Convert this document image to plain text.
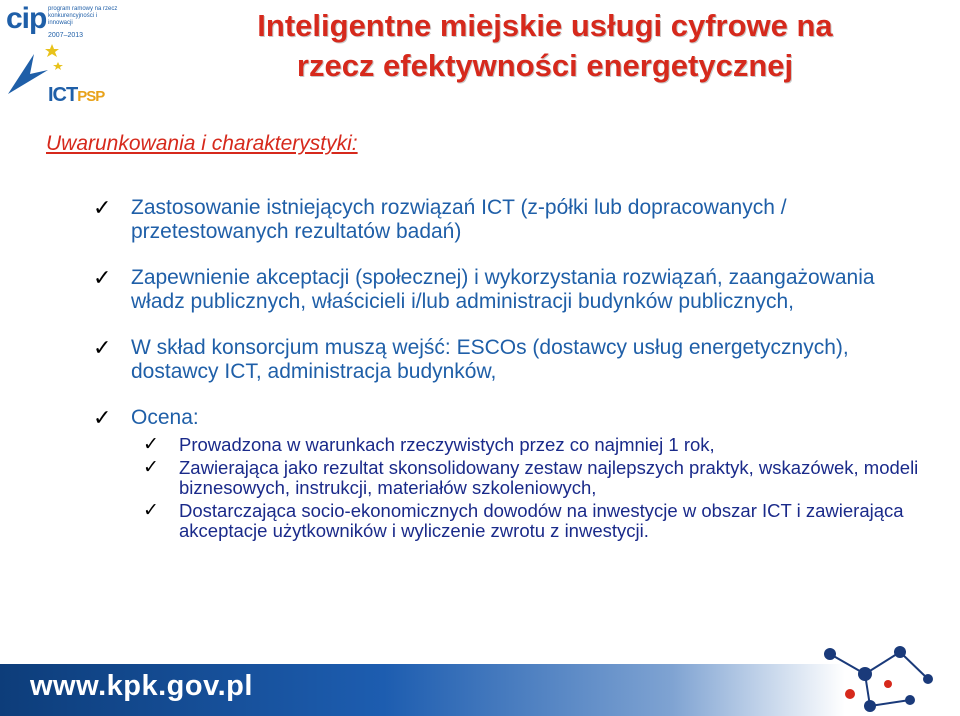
cip program ramowy na rzecz konkurencyjności i innowacji
2007–2013
ICTPSP
Inteligentne miejskie usługi cyfrowe na
rzecz efektywności energetycznej
Uwarunkowania i charakterystyki:
✓ Zastosowanie istniejących rozwiązań ICT (z-półki lub dopracowanych / przetestowanych rezultatów badań)
✓ Zapewnienie akceptacji (społecznej) i wykorzystania rozwiązań, zaangażowania władz publicznych, właścicieli i/lub administracji budynków publicznych,
✓ W skład konsorcjum muszą wejść: ESCOs (dostawcy usług energetycznych), dostawcy ICT, administracja budynków,
✓ Ocena:
✓ Prowadzona w warunkach rzeczywistych przez co najmniej 1 rok,
✓ Zawierająca jako rezultat skonsolidowany zestaw najlepszych praktyk, wskazówek, modeli biznesowych, instrukcji, materiałów szkoleniowych,
✓ Dostarczająca socio-ekonomicznych dowodów na inwestycje w obszar ICT i zawierająca akceptacje użytkowników i wyliczenie zwrotu z inwestycji.
www.kpk.gov.pl
